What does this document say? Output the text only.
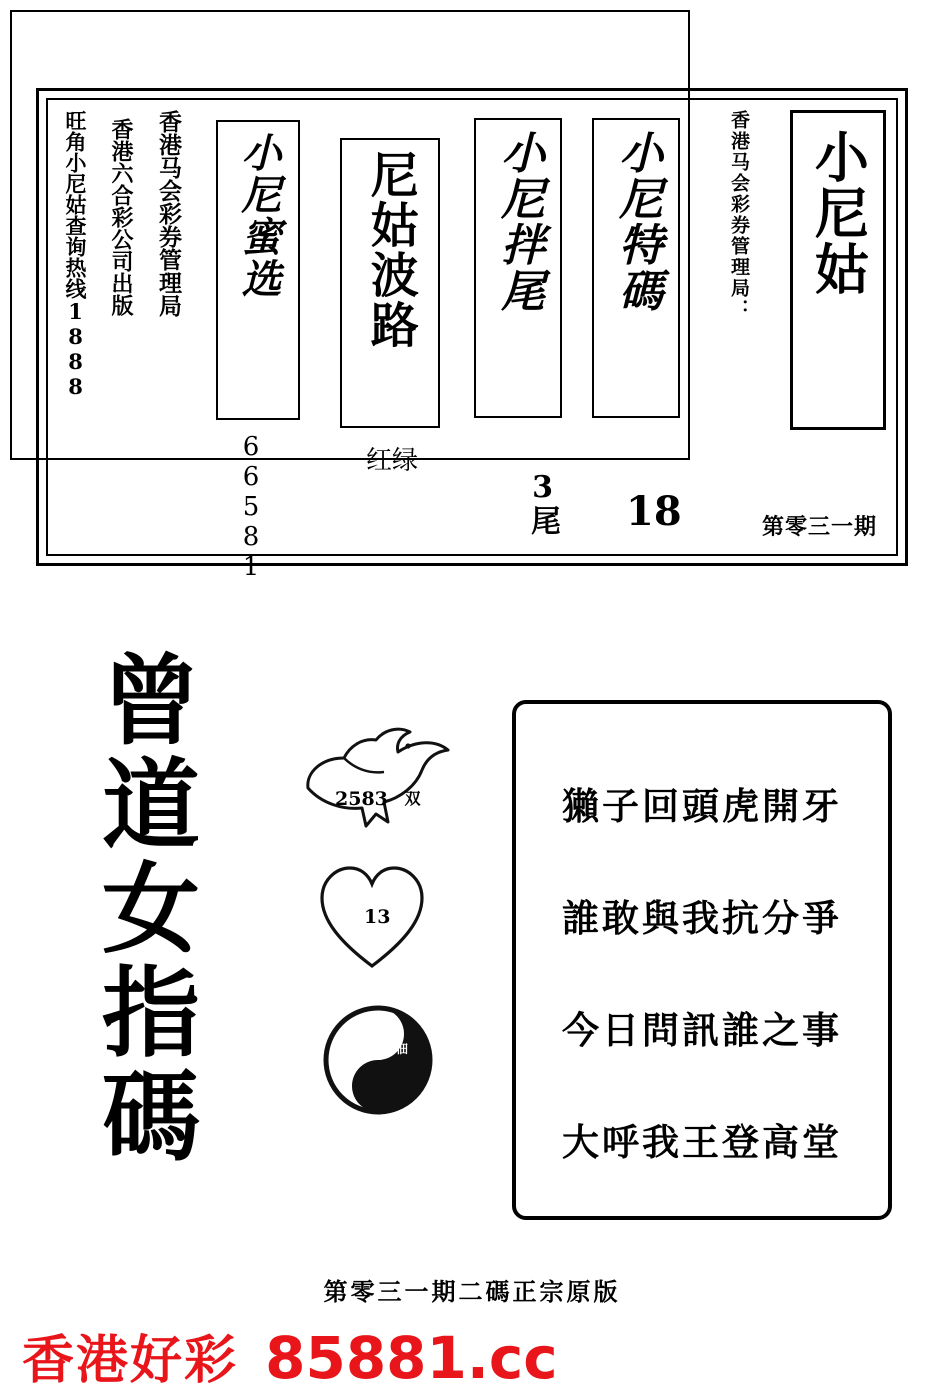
香港马会彩券管理局： 小尼姑
第零三一期
小尼特碼
18
小尼拌尾
3尾
尼姑波路
红绿
小尼蜜选
66581
香港马会彩券管理局
香港六合彩公司出版
旺角小尼姑查询热线1888
曾
道
女
指
碼
2583 双
13
26 佃
獺子回頭虎開牙
誰敢與我抗分爭
今日問訊誰之事
大呼我王登高堂
第零三一期二碼正宗原版
香港好彩 85881.cc
